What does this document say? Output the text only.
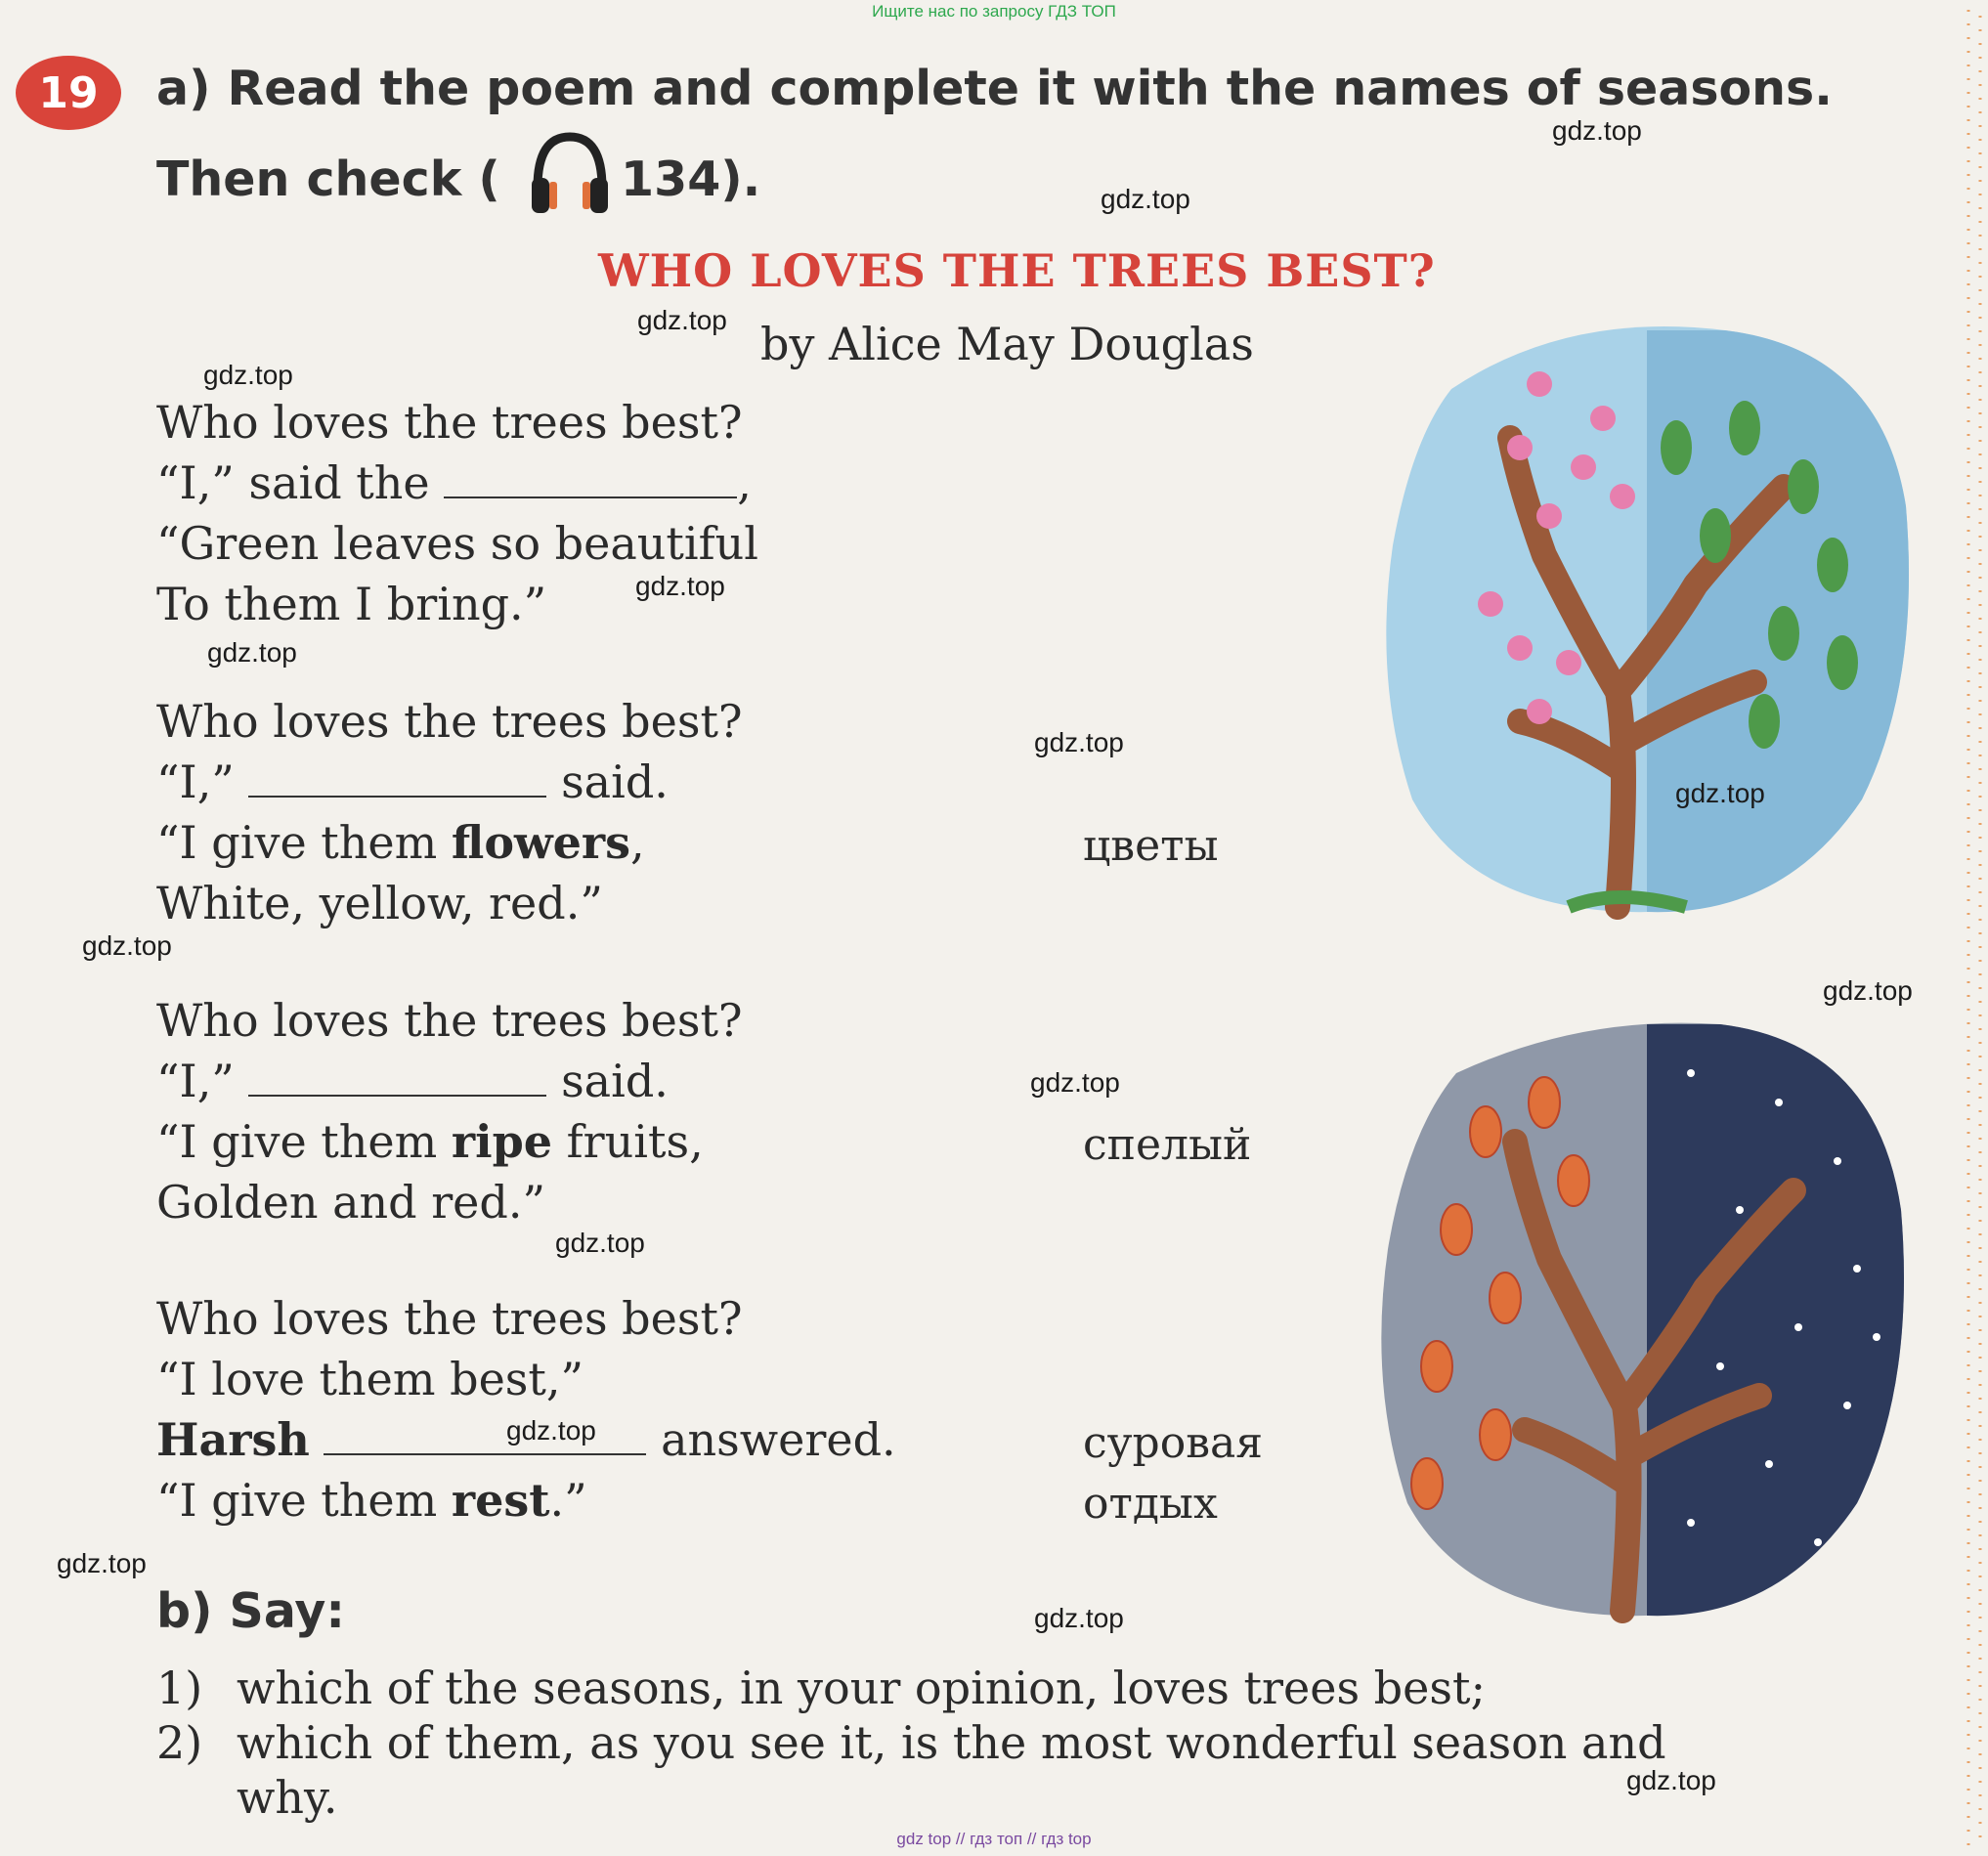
Ищите нас по запросу ГДЗ ТОП
19	a) Read the poem and complete it with the names of seasons.
Then check (	134).
WHO LOVES THE TREES BEST?
by Alice May Douglas
Who loves the trees best?
“I,” said the	,
“Green leaves so beautiful
To them I bring.”
Who loves the trees best?
“I,”	said.
“I give them flowers,	цветы
White, yellow, red.”
Who loves the trees best?
“I,”	said.
“I give them ripe fruits,	спелый
Golden and red.”
Who loves the trees best?
“I love them best,”
Harsh	answered.	суровая
“I give them rest.”	отдых
b) Say:
1) which of the seasons, in your opinion, loves trees best;
2) which of them, as you see it, is the most wonderful season and
why.
gdz.top
gdz.top
gdz.top
gdz.top
gdz.top
gdz.top
gdz.top
gdz.top
gdz.top
gdz.top
gdz.top
gdz.top
gdz.top
gdz.top
gdz.top
gdz.top
gdz top // гдз топ // гдз top
